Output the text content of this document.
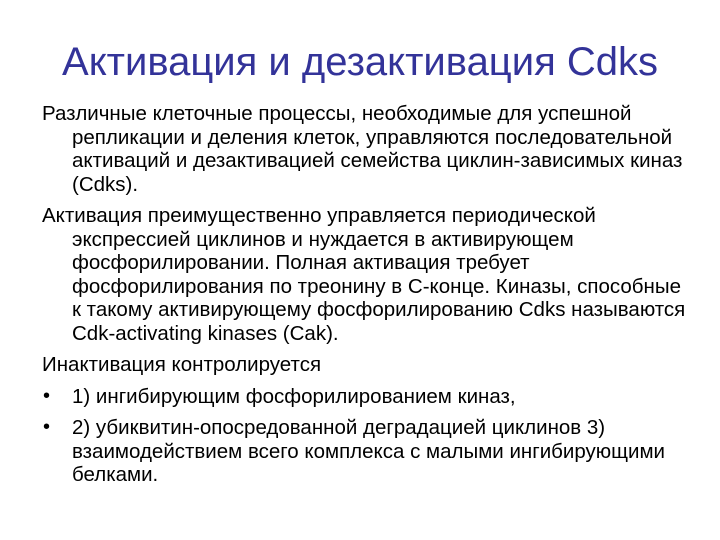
Активация и дезактивация Cdks

Различные клеточные процессы, необходимые для успешной репликации и деления клеток, управляются последовательной активаций и дезактивацией семейства циклин-зависимых киназ (Cdks).

Активация преимущественно управляется периодической экспрессией циклинов и нуждается в активирующем фосфорилировании. Полная активация требует фосфорилирования по треонину в С-конце. Киназы, способные к такому активирующему фосфорилированию Cdks называются Cdk-activating kinases (Cak).

Инактивация контролируется

• 1) ингибирующим фосфорилированием киназ,
• 2) убиквитин-опосредованной деградацией циклинов 3) взаимодействием всего комплекса с малыми ингибирующими белками.
